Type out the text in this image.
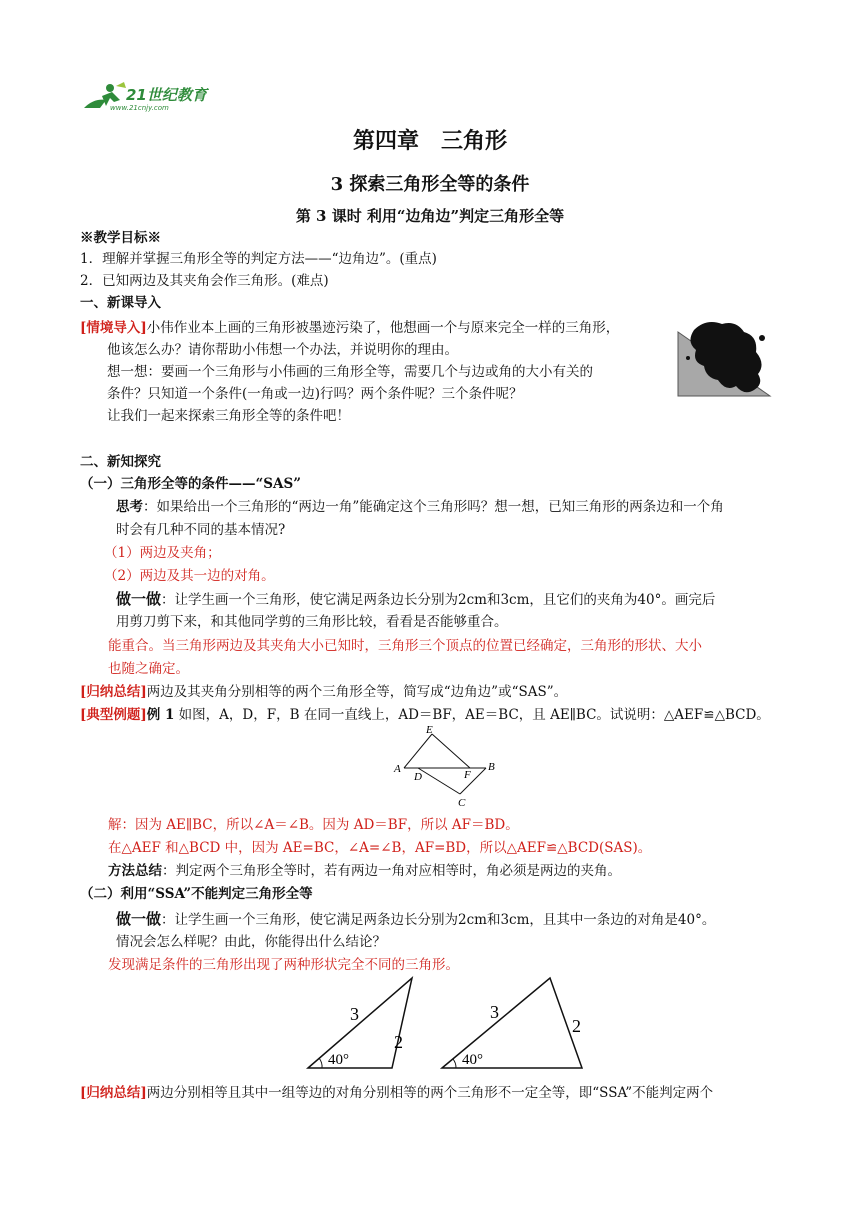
21世纪教育
www.21cnjy.com
第四章　三角形
3 探索三角形全等的条件
第 3 课时 利用“边角边”判定三角形全等
※教学目标※
1．理解并掌握三角形全等的判定方法——“边角边”。(重点)
2．已知两边及其夹角会作三角形。(难点)
一、新课导入
[情境导入]小伟作业本上画的三角形被墨迹污染了，他想画一个与原来完全一样的三角形，
他该怎么办？请你帮助小伟想一个办法，并说明你的理由。
想一想：要画一个三角形与小伟画的三角形全等，需要几个与边或角的大小有关的
条件？只知道一个条件(一角或一边)行吗？两个条件呢？三个条件呢？
让我们一起来探索三角形全等的条件吧！
二、新知探究
（一）三角形全等的条件——“SAS”
思考：如果给出一个三角形的“两边一角”能确定这个三角形吗？想一想，已知三角形的两条边和一个角
时会有几种不同的基本情况?
（1）两边及夹角；
（2）两边及其一边的对角。
做一做：让学生画一个三角形，使它满足两条边长分别为2cm和3cm，且它们的夹角为40°。画完后
用剪刀剪下来，和其他同学剪的三角形比较，看看是否能够重合。
能重合。当三角形两边及其夹角大小已知时，三角形三个顶点的位置已经确定，三角形的形状、大小
也随之确定。
[归纳总结]两边及其夹角分别相等的两个三角形全等，简写成“边角边”或“SAS”。
[典型例题]例 1 如图，A，D，F，B 在同一直线上，AD＝BF，AE＝BC，且 AE∥BC。试说明：△AEF≌△BCD。
E
A
D	F
B
C
解：因为 AE∥BC，所以∠A＝∠B。因为 AD＝BF，所以 AF＝BD。
在△AEF 和△BCD 中，因为 AE=BC，∠A=∠B，AF=BD，所以△AEF≌△BCD(SAS)。
方法总结：判定两个三角形全等时，若有两边一角对应相等时，角必须是两边的夹角。
（二）利用“SSA”不能判定三角形全等
做一做：让学生画一个三角形，使它满足两条边长分别为2cm和3cm，且其中一条边的对角是40°。
情况会怎么样呢？由此，你能得出什么结论？
发现满足条件的三角形出现了两种形状完全不同的三角形。
3
2
40°
3
2
40°
[归纳总结]两边分别相等且其中一组等边的对角分别相等的两个三角形不一定全等，即“SSA”不能判定两个
